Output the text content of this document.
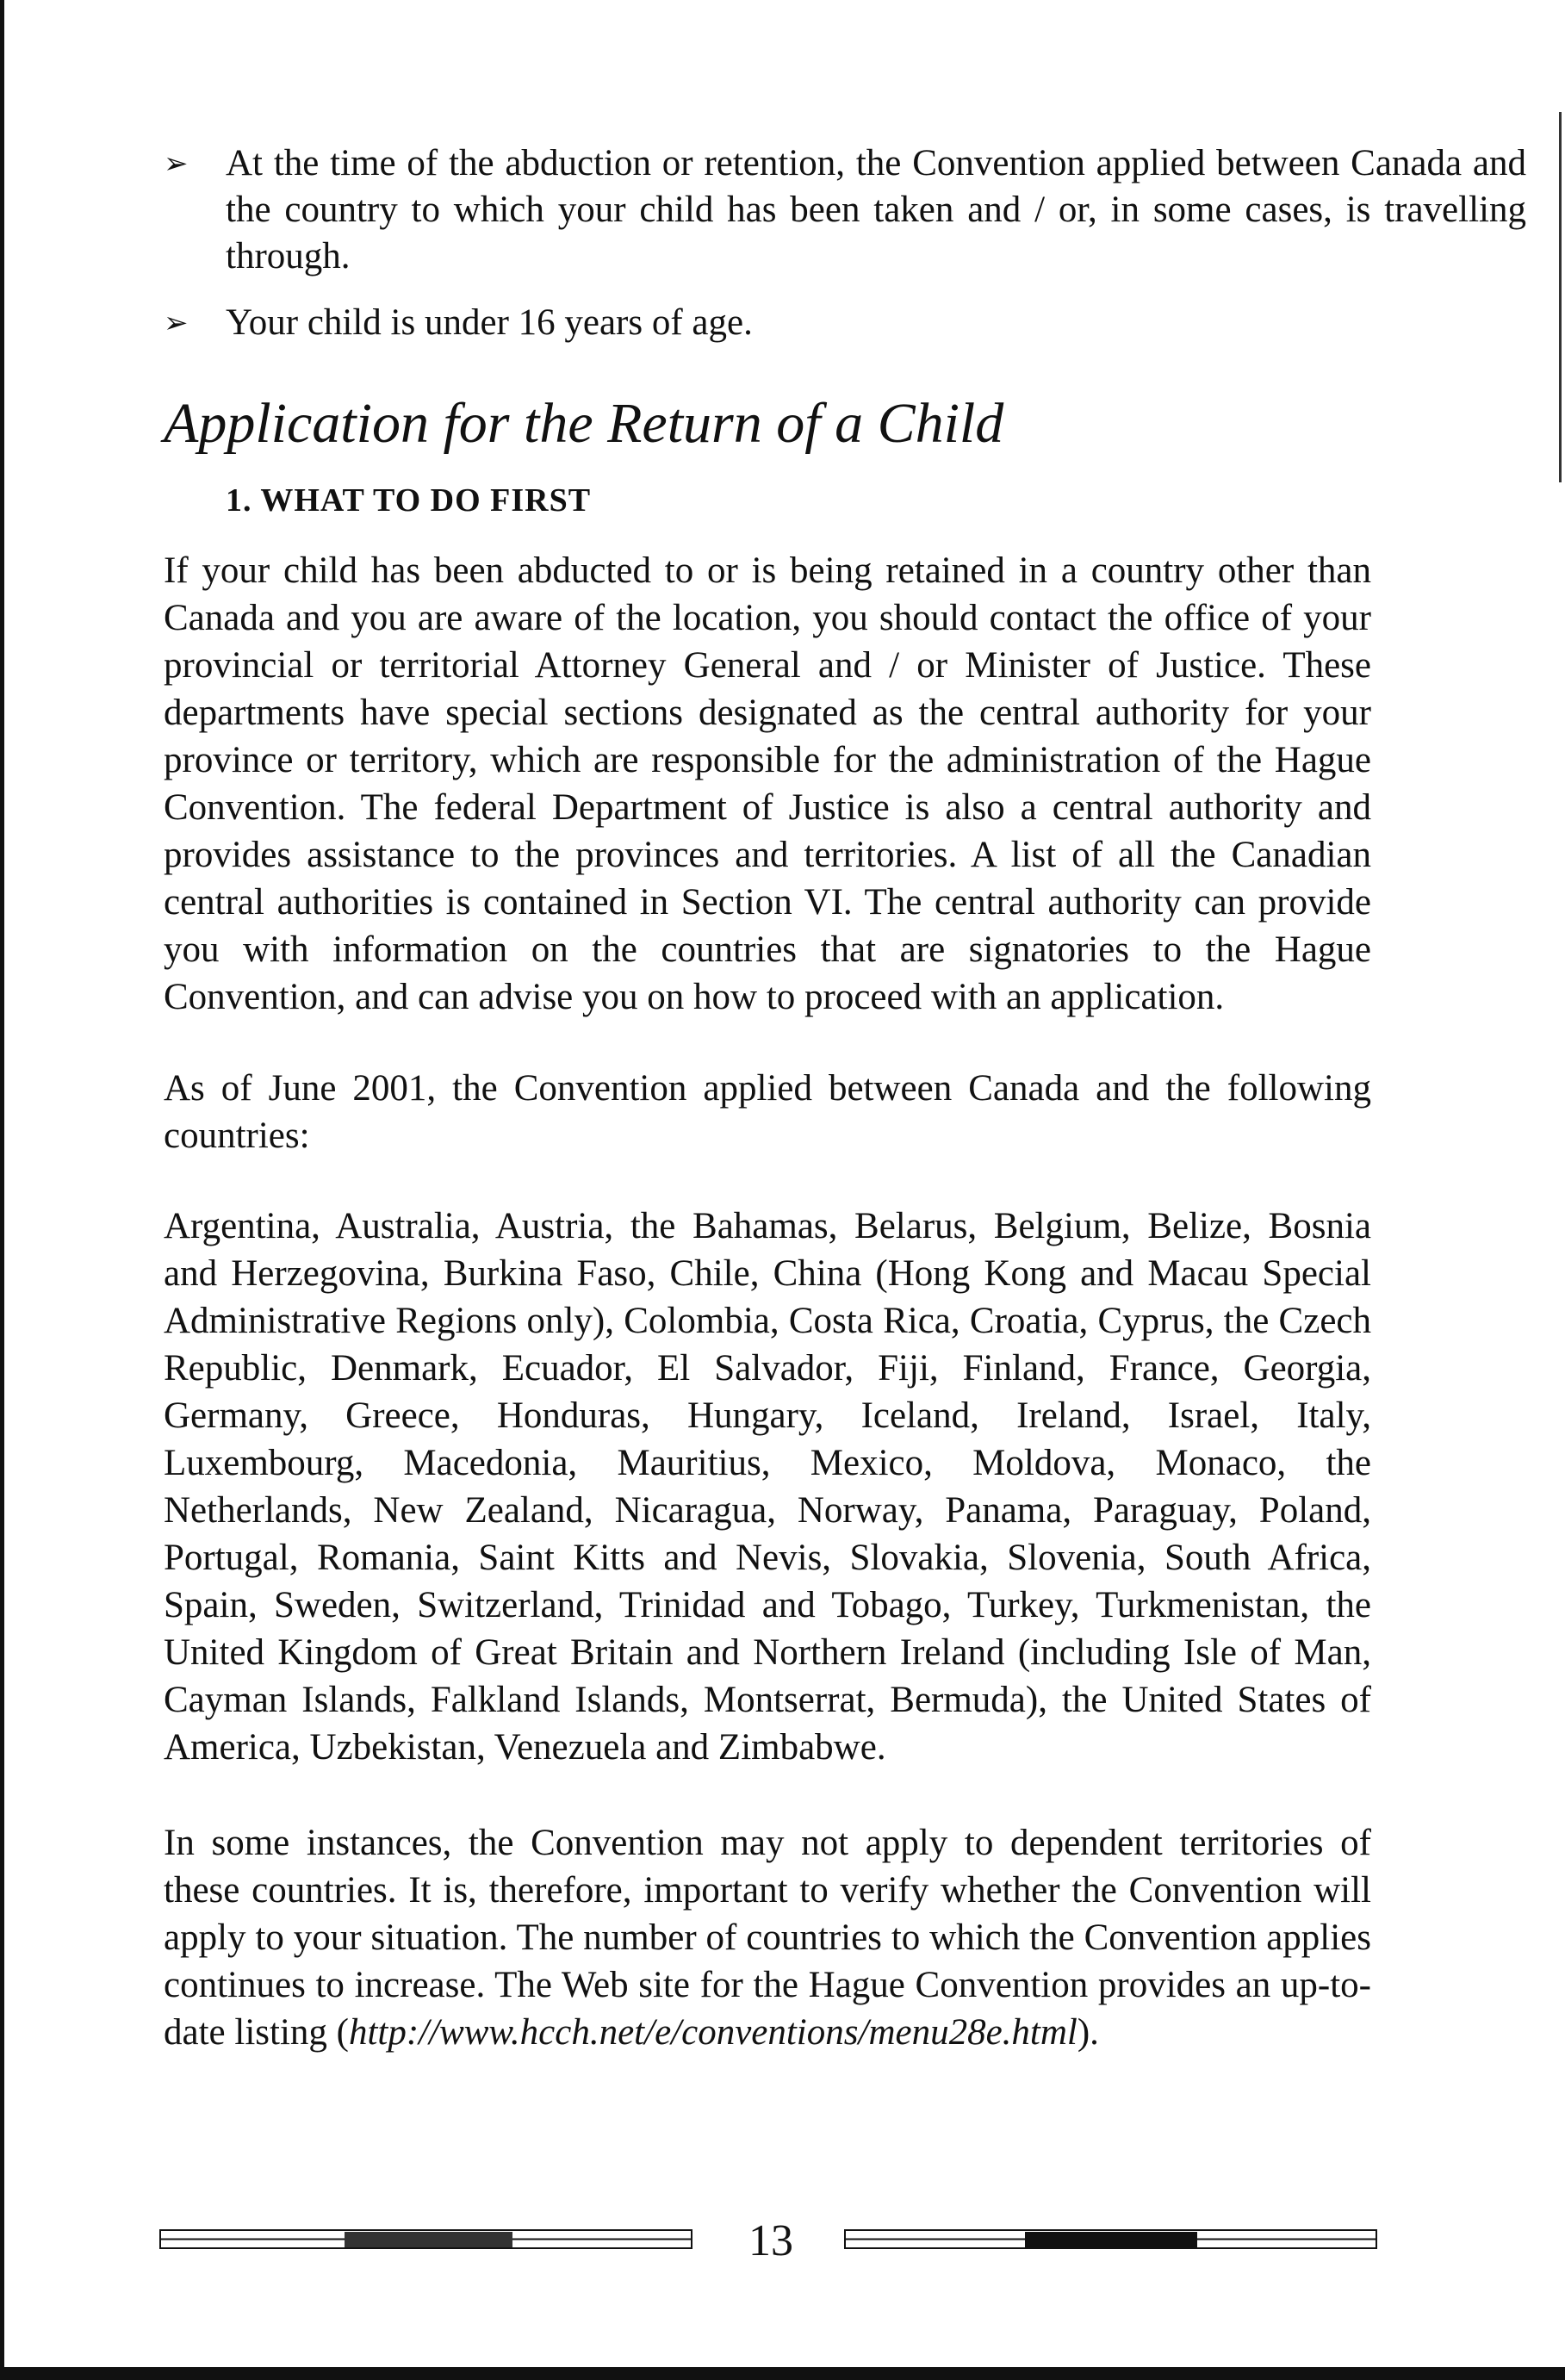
➢	At the time of the abduction or retention, the Convention applied between Canada and the country to which your child has been taken and / or, in some cases, is travelling through.
➢	Your child is under 16 years of age.
Application for the Return of a Child
1. WHAT TO DO FIRST

If your child has been abducted to or is being retained in a country other than Canada and you are aware of the location, you should contact the office of your provincial or territorial Attorney General and / or Minister of Justice. These departments have special sections designated as the central authority for your province or territory, which are responsible for the administration of the Hague Convention. The federal Department of Justice is also a central authority and provides assistance to the provinces and territories. A list of all the Canadian central authorities is contained in Section VI. The central authority can provide you with information on the countries that are signatories to the Hague Convention, and can advise you on how to proceed with an application.

As of June 2001, the Convention applied between Canada and the following countries:

Argentina, Australia, Austria, the Bahamas, Belarus, Belgium, Belize, Bosnia and Herzegovina, Burkina Faso, Chile, China (Hong Kong and Macau Special Administrative Regions only), Colombia, Costa Rica, Croatia, Cyprus, the Czech Republic, Denmark, Ecuador, El Salvador, Fiji, Finland, France, Georgia, Germany, Greece, Honduras, Hungary, Iceland, Ireland, Israel, Italy, Luxembourg, Macedonia, Mauritius, Mexico, Moldova, Monaco, the Netherlands, New Zealand, Nicaragua, Norway, Panama, Paraguay, Poland, Portugal, Romania, Saint Kitts and Nevis, Slovakia, Slovenia, South Africa, Spain, Sweden, Switzerland, Trinidad and Tobago, Turkey, Turkmenistan, the United Kingdom of Great Britain and Northern Ireland (including Isle of Man, Cayman Islands, Falkland Islands, Montserrat, Bermuda), the United States of America, Uzbekistan, Venezuela and Zimbabwe.

In some instances, the Convention may not apply to dependent territories of these countries. It is, therefore, important to verify whether the Convention will apply to your situation. The number of countries to which the Convention applies continues to increase. The Web site for the Hague Convention provides an up-to-date listing (http://www.hcch.net/e/conventions/menu28e.html).

13
